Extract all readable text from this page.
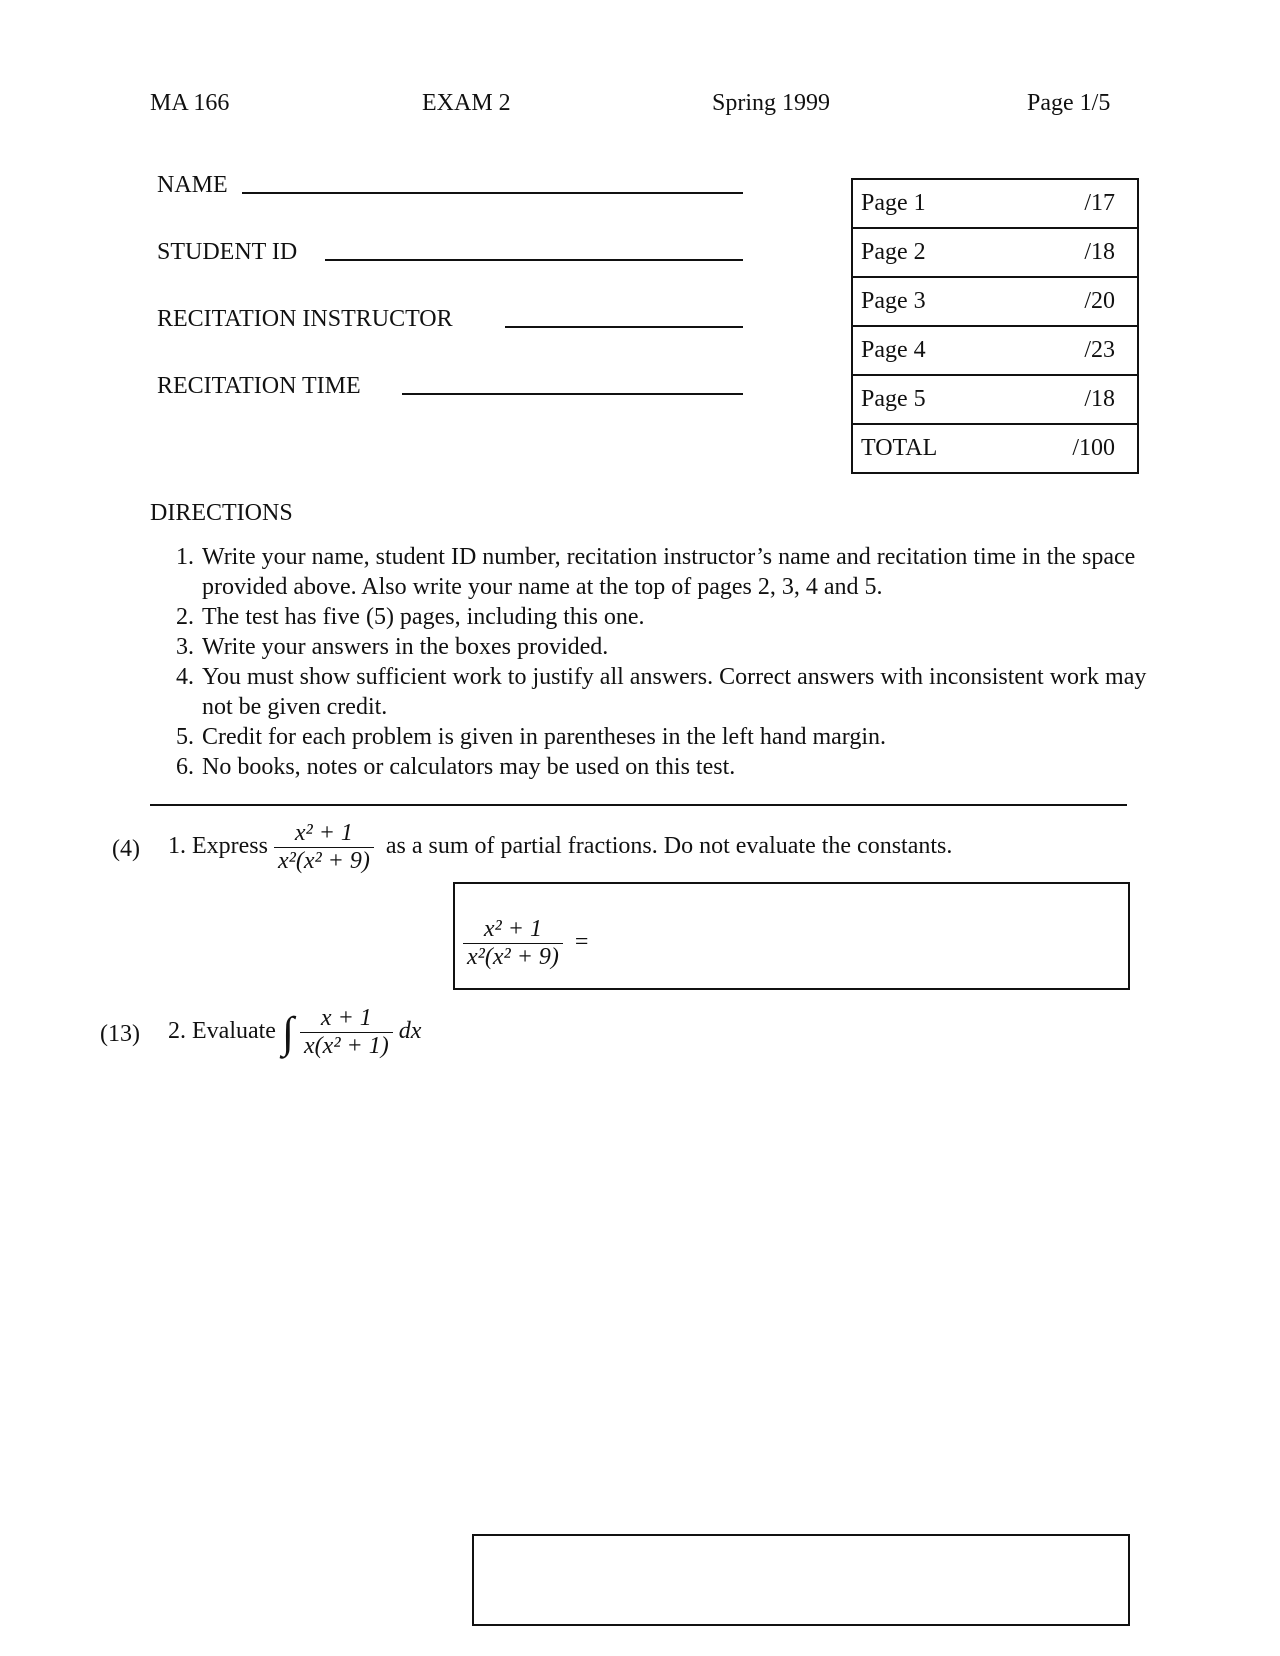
MA 166	EXAM 2	Spring 1999	Page 1/5
NAME
STUDENT ID
RECITATION INSTRUCTOR
RECITATION TIME
Page 1	/17
Page 2	/18
Page 3	/20
Page 4	/23
Page 5	/18
TOTAL	/100
DIRECTIONS
1. Write your name, student ID number, recitation instructor’s name and recitation time in the space provided above. Also write your name at the top of pages 2, 3, 4 and 5.
2. The test has five (5) pages, including this one.
3. Write your answers in the boxes provided.
4. You must show sufficient work to justify all answers. Correct answers with inconsistent work may not be given credit.
5. Credit for each problem is given in parentheses in the left hand margin.
6. No books, notes or calculators may be used on this test.
(4) 1. Express $\frac{\text{x² + 1}}{\text{x²(x² + 9)}}$ as a sum of partial fractions. Do not evaluate the constants.
$\frac{\text{x² + 1}}{\text{x²(x² + 9)}}$ =
(13) 2. Evaluate ∫ $\frac{x + 1}{\text{x(x² + 1)}}$ dx
